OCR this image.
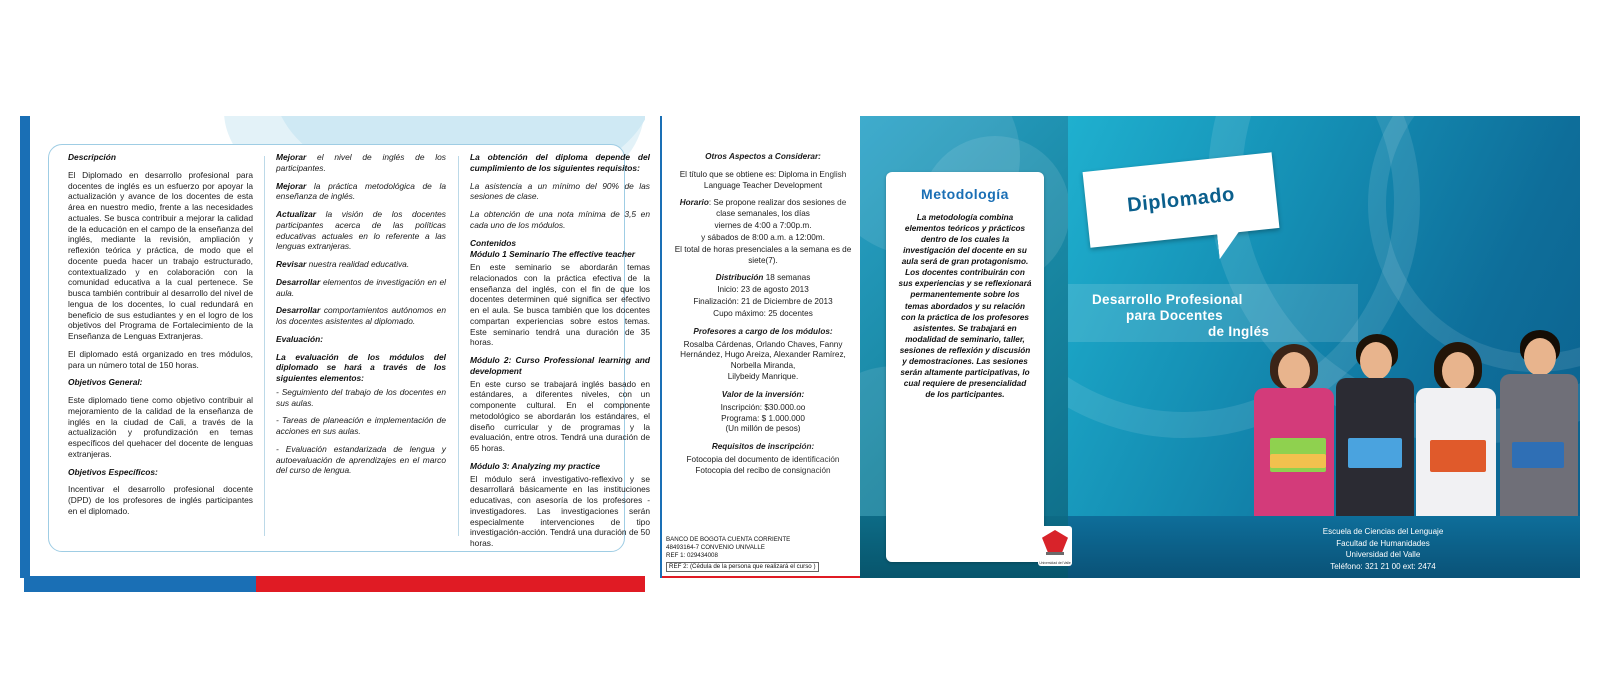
Descripción

El Diplomado en desarrollo profesional para docentes de inglés es un esfuerzo por apoyar la actualización y avance de los docentes de esta área en nuestro medio, frente a las necesidades actuales. Se busca contribuir a mejorar la calidad de la educación en el campo de la enseñanza del inglés, mediante la revisión, ampliación y reflexión teórica y práctica, de modo que el docente pueda hacer un trabajo estructurado, contextualizado y en colaboración con la comunidad educativa a la cual pertenece. Se busca también contribuir al desarrollo del nivel de lengua de los docentes, lo cual redundará en beneficio de sus estudiantes y en el logro de los objetivos del Programa de Fortalecimiento de la Enseñanza de Lenguas Extranjeras.

El diplomado está organizado en tres módulos, para un número total de 150 horas.

Objetivos General:

Este diplomado tiene como objetivo contribuir al mejoramiento de la calidad de la enseñanza de inglés en la ciudad de Cali, a través de la actualización y profundización en temas específicos del quehacer del docente de lenguas extranjeras.

Objetivos Específicos:

Incentivar el desarrollo profesional docente (DPD) de los profesores de inglés participantes en el diplomado.

Mejorar el nivel de inglés de los participantes.

Mejorar la práctica metodológica de la enseñanza de inglés.

Actualizar la visión de los docentes participantes acerca de las políticas educativas actuales en lo referente a las lenguas extranjeras.

Revisar nuestra realidad educativa.

Desarrollar elementos de investigación en el aula.

Desarrollar comportamientos autónomos en los docentes asistentes al diplomado.

Evaluación:

La evaluación de los módulos del diplomado se hará a través de los siguientes elementos:

- Seguimiento del trabajo de los docentes en sus aulas.

- Tareas de planeación e implementación de acciones en sus aulas.

- Evaluación estandarizada de lengua y autoevaluación de aprendizajes en el marco del curso de lengua.

La obtención del diploma depende del cumplimiento de los siguientes requisitos:

La asistencia a un mínimo del 90% de las sesiones de clase.

La obtención de una nota mínima de 3,5 en cada uno de los módulos.

Contenidos

Módulo 1 Seminario The effective teacher

En este seminario se abordarán temas relacionados con la práctica efectiva de la enseñanza del inglés, con el fin de que los docentes determinen qué significa ser efectivo en el aula. Se busca también que los docentes compartan experiencias sobre estos temas. Este seminario tendrá una duración de 35 horas.

Módulo 2: Curso Professional learning and development

En este curso se trabajará inglés basado en estándares, a diferentes niveles, con un componente cultural. En el componente metodológico se abordarán los estándares, el diseño curricular y de programas y la evaluación, entre otros. Tendrá una duración de 65 horas.

Módulo 3: Analyzing my practice

El módulo será investigativo-reflexivo y se desarrollará básicamente en las instituciones educativas, con asesoría de los profesores -investigadores. Las investigaciones serán especialmente intervenciones de tipo investigación-acción. Tendrá una duración de 50 horas.

Otros Aspectos a Considerar:

El título que se obtiene es: Diploma in English Language Teacher Development

Horario: Se propone realizar dos sesiones de clase semanales, los días

viernes de 4:00 a 7:00p.m.

y sábados de 8:00 a.m. a 12:00m.

El total de horas presenciales a la semana es de siete(7).

Distribución 18 semanas

Inicio: 23 de agosto 2013

Finalización: 21 de Diciembre de 2013

Cupo máximo: 25 docentes

Profesores a cargo de los módulos:

Rosalba Cárdenas, Orlando Chaves, Fanny

Hernández, Hugo Areiza, Alexander Ramírez,

Norbella Miranda,

Lilybeidy Manrique.

Valor de la inversión:

Inscripción: $30.000.oo

Programa: $ 1.000.000

(Un millón de pesos)

Requisitos de inscripción:

Fotocopia del documento de identificación

Fotocopia del recibo de consignación

BANCO DE BOGOTA CUENTA CORRIENTE
48493164-7 CONVENIO UNIVALLE
REF 1: 029434008
REF 2: (Cédula de la persona que realizará el curso )
Metodología
La metodología combina elementos teóricos y prácticos dentro de los cuales la investigación del docente en su aula será de gran protagonismo. Los docentes contribuirán con sus experiencias y se reflexionará permanentemente sobre los temas abordados y su relación con la práctica de los profesores asistentes. Se trabajará en modalidad de seminario, taller, sesiones de reflexión y discusión y demostraciones. Las sesiones serán altamente participativas, lo cual requiere de presencialidad de los participantes.
Diplomado
Desarrollo Profesional
para Docentes
de Inglés
Escuela de Ciencias del Lenguaje
Facultad de Humanidades
Universidad del Valle
Teléfono: 321 21 00 ext: 2474
Escuela de Ciencias del Lenguaje
Facultad de Humanidades
Universidad del Valle
Teléfono: 321 21 00 ext: 2474
Universidad del Valle
